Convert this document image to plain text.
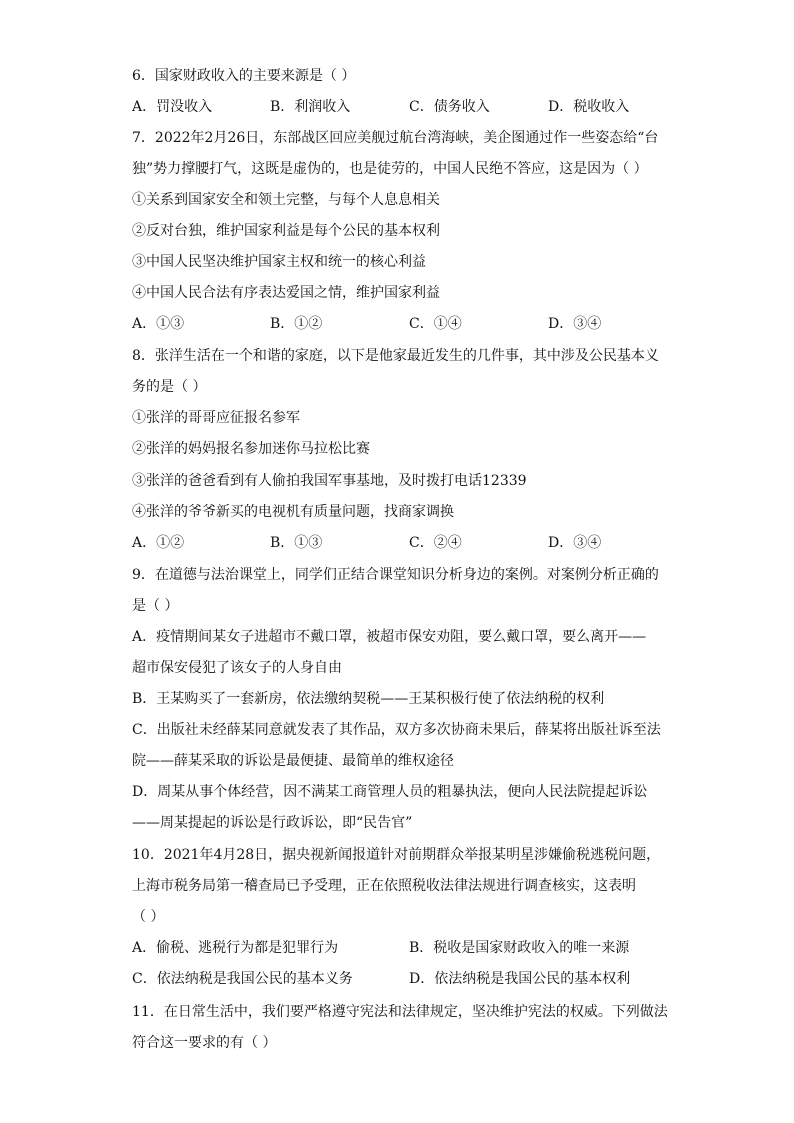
6．国家财政收入的主要来源是（ ）
A．罚没收入	B．利润收入	C．债务收入	D．税收收入
7．2022年2月26日，东部战区回应美舰过航台湾海峡，美企图通过作一些姿态给“台
独”势力撑腰打气，这既是虚伪的，也是徒劳的，中国人民绝不答应，这是因为（ ）
①关系到国家安全和领土完整，与每个人息息相关
②反对台独，维护国家利益是每个公民的基本权利
③中国人民坚决维护国家主权和统一的核心利益
④中国人民合法有序表达爱国之情，维护国家利益
A．①③	B．①②	C．①④	D．③④
8．张洋生活在一个和谐的家庭，以下是他家最近发生的几件事，其中涉及公民基本义
务的是（ ）
①张洋的哥哥应征报名参军
②张洋的妈妈报名参加迷你马拉松比赛
③张洋的爸爸看到有人偷拍我国军事基地，及时拨打电话12339
④张洋的爷爷新买的电视机有质量问题，找商家调换
A．①②	B．①③	C．②④	D．③④
9．在道德与法治课堂上，同学们正结合课堂知识分析身边的案例。对案例分析正确的
是（ ）
A．疫情期间某女子进超市不戴口罩，被超市保安劝阻，要么戴口罩，要么离开——
超市保安侵犯了该女子的人身自由
B．王某购买了一套新房，依法缴纳契税——王某积极行使了依法纳税的权利
C．出版社未经薛某同意就发表了其作品，双方多次协商未果后，薛某将出版社诉至法
院——薛某采取的诉讼是最便捷、最简单的维权途径
D．周某从事个体经营，因不满某工商管理人员的粗暴执法，便向人民法院提起诉讼
——周某提起的诉讼是行政诉讼，即“民告官”
10．2021年4月28日，据央视新闻报道针对前期群众举报某明星涉嫌偷税逃税问题，
上海市税务局第一稽查局已予受理，正在依照税收法律法规进行调查核实，这表明
（ ）
A．偷税、逃税行为都是犯罪行为	B．税收是国家财政收入的唯一来源
C．依法纳税是我国公民的基本义务	D．依法纳税是我国公民的基本权利
11．在日常生活中，我们要严格遵守宪法和法律规定，坚决维护宪法的权威。下列做法
符合这一要求的有（ ）
